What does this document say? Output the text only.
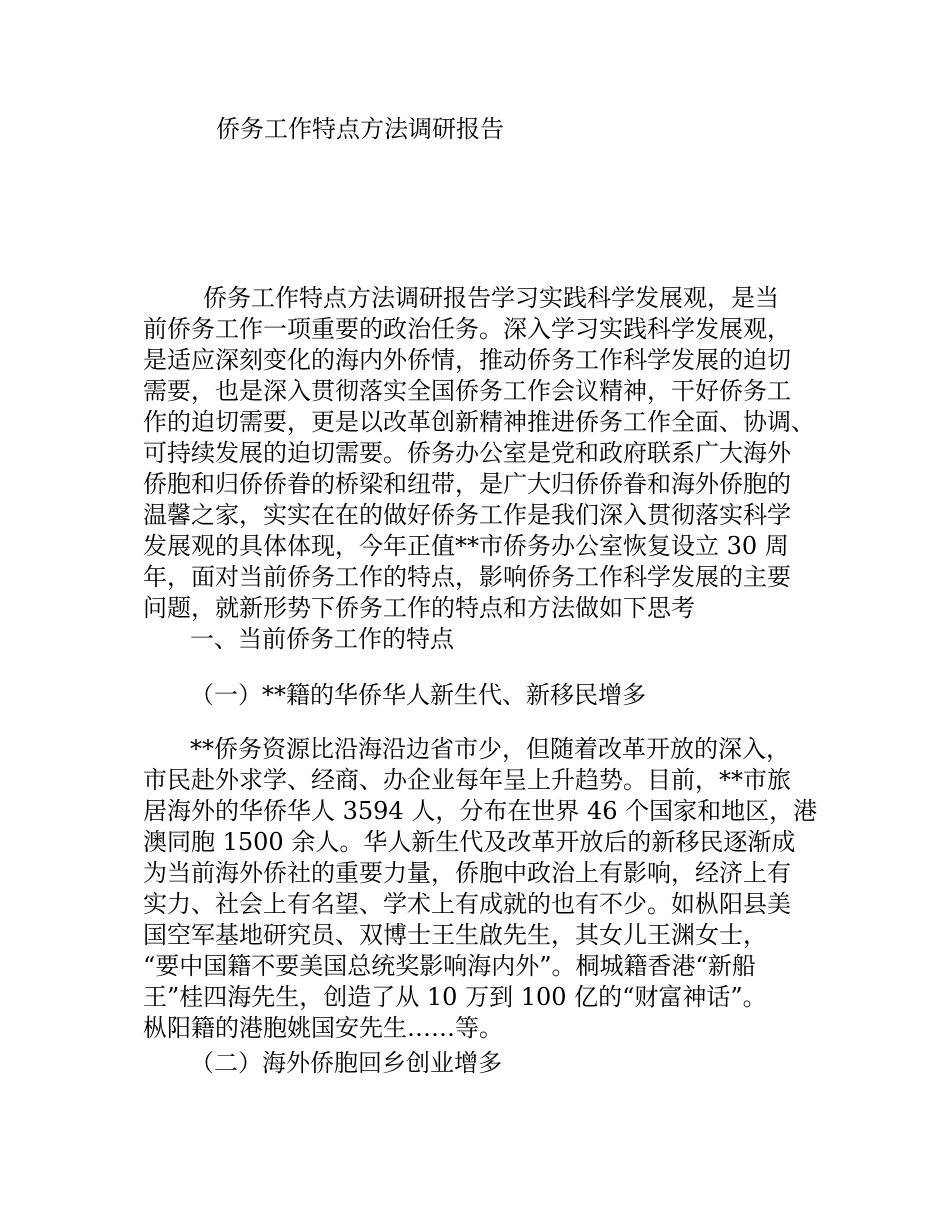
侨务工作特点方法调研报告
侨务工作特点方法调研报告学习实践科学发展观，是当
前侨务工作一项重要的政治任务。深入学习实践科学发展观，
是适应深刻变化的海内外侨情，推动侨务工作科学发展的迫切
需要，也是深入贯彻落实全国侨务工作会议精神，干好侨务工
作的迫切需要，更是以改革创新精神推进侨务工作全面、协调、
可持续发展的迫切需要。侨务办公室是党和政府联系广大海外
侨胞和归侨侨眷的桥梁和纽带，是广大归侨侨眷和海外侨胞的
温馨之家，实实在在的做好侨务工作是我们深入贯彻落实科学
发展观的具体体现，今年正值**市侨务办公室恢复设立 30 周
年，面对当前侨务工作的特点，影响侨务工作科学发展的主要
问题，就新形势下侨务工作的特点和方法做如下思考
一、当前侨务工作的特点
（一）**籍的华侨华人新生代、新移民增多
**侨务资源比沿海沿边省市少，但随着改革开放的深入，
市民赴外求学、经商、办企业每年呈上升趋势。目前，**市旅
居海外的华侨华人 3594 人，分布在世界 46 个国家和地区，港
澳同胞 1500 余人。华人新生代及改革开放后的新移民逐渐成
为当前海外侨社的重要力量，侨胞中政治上有影响，经济上有
实力、社会上有名望、学术上有成就的也有不少。如枞阳县美
国空军基地研究员、双博士王生啟先生，其女儿王渊女士，
“要中国籍不要美国总统奖影响海内外”。桐城籍香港“新船
王”桂四海先生，创造了从 10 万到 100 亿的“财富神话”。
枞阳籍的港胞姚国安先生……等。
（二）海外侨胞回乡创业增多
